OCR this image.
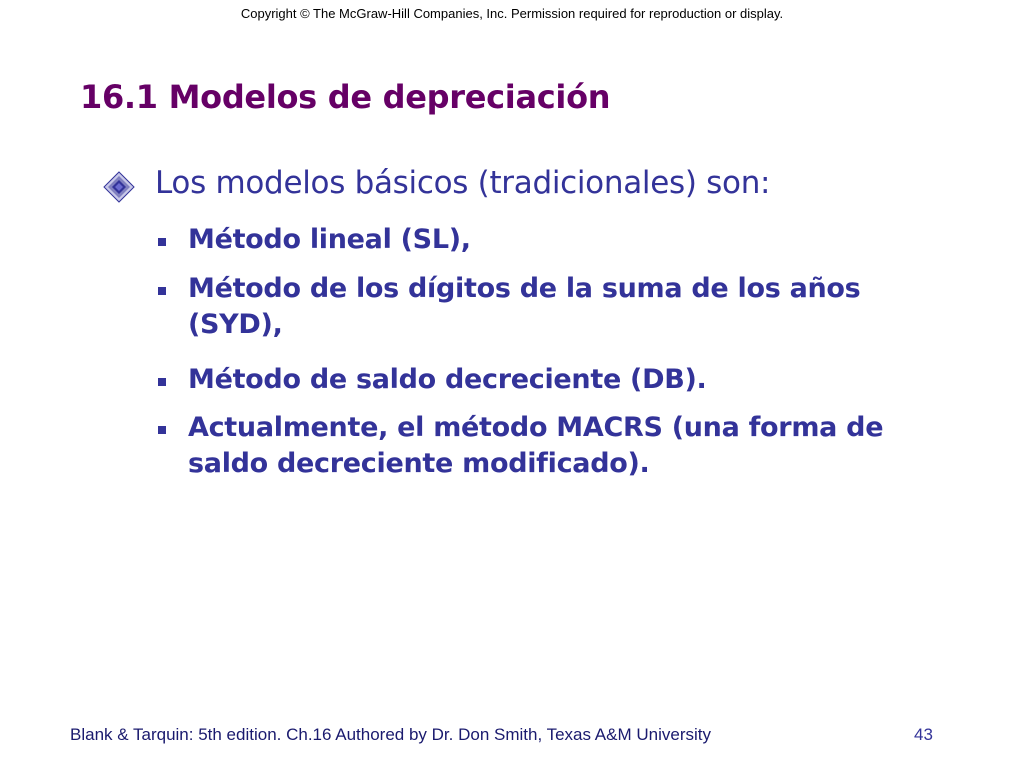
Copyright © The McGraw-Hill Companies, Inc. Permission required for reproduction or display.
16.1 Modelos de depreciación
Los modelos básicos (tradicionales) son:
Método lineal (SL),
Método de los dígitos de la suma de los años (SYD),
Método de saldo decreciente (DB).
Actualmente, el método MACRS (una forma de saldo decreciente modificado).
Blank & Tarquin: 5th edition. Ch.16 Authored by Dr. Don Smith, Texas A&M University	43
